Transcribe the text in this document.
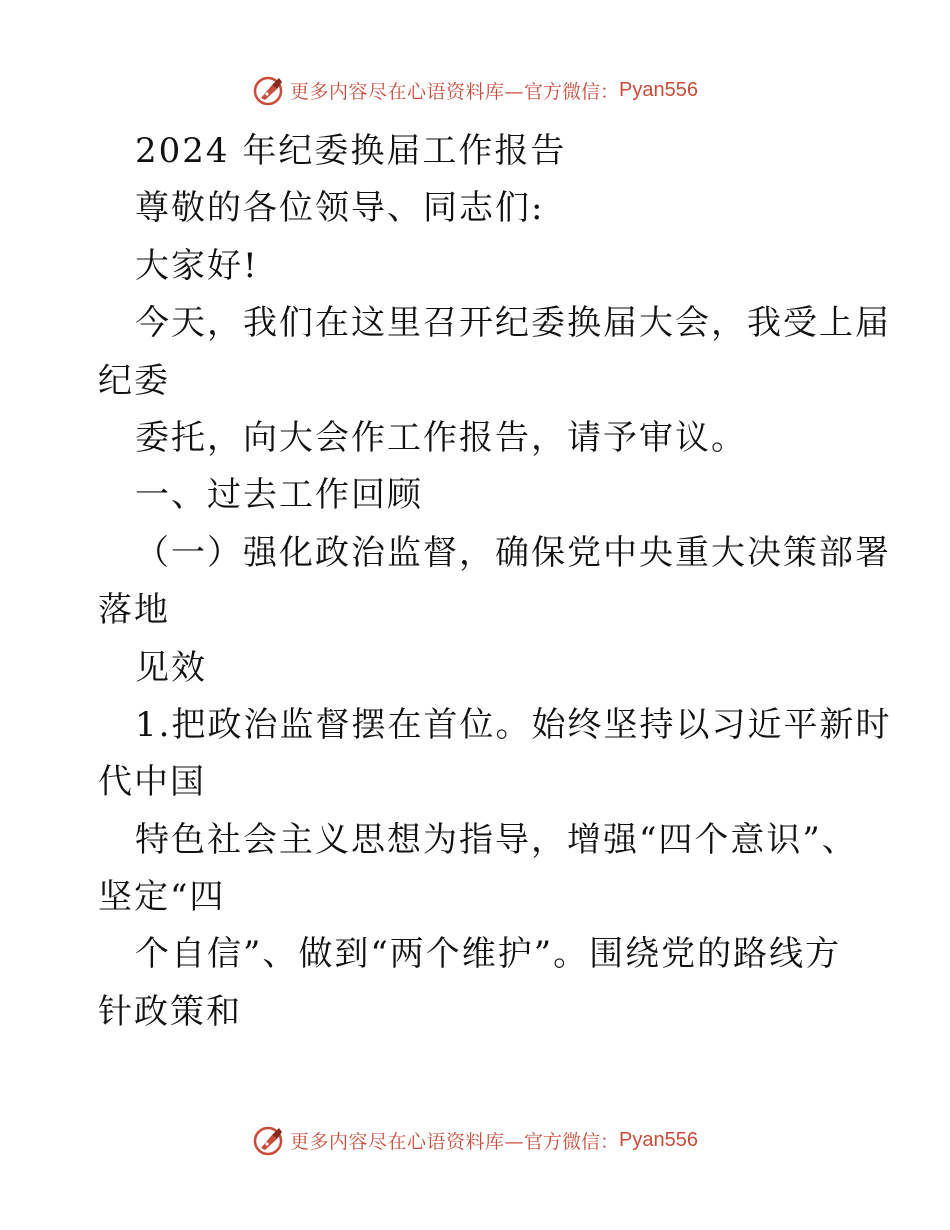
更多内容尽在心语资料库— 官方微信： Pyan556
2024 年纪委换届工作报告
尊敬的各位领导、同志们:
大家好!
今天，我们在这里召开纪委换届大会，我受上届
纪委
委托，向大会作工作报告，请予审议。
一、过去工作回顾
（一）强化政治监督，确保党中央重大决策部署
落地
见效
1.把政治监督摆在首位。始终坚持以习近平新时
代中国
特色社会主义思想为指导，增强“四个意识”、
坚定“四
个自信”、做到“两个维护”。围绕党的路线方
针政策和
更多内容尽在心语资料库— 官方微信： Pyan556
